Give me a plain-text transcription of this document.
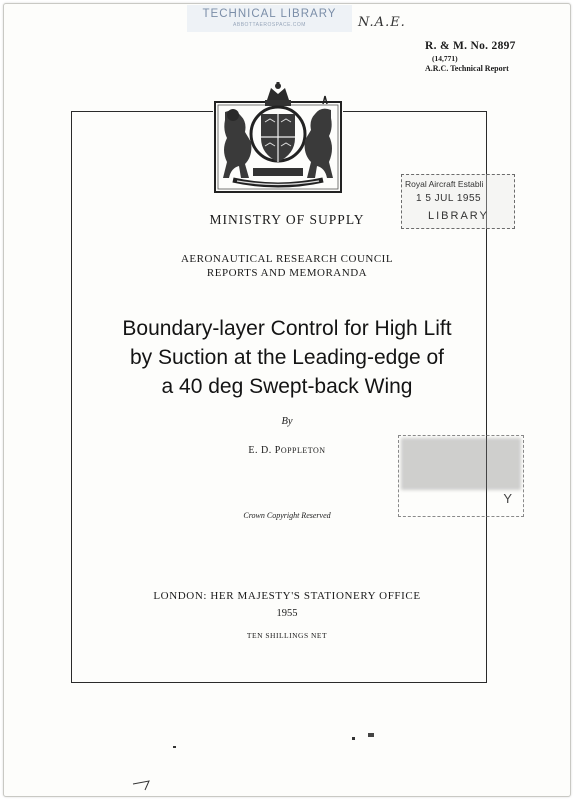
TECHNICAL LIBRARY
ABBOTTAEROSPACE.COM	N.A.E.
R. & M. No. 2897
(14,771)
A.R.C. Technical Report
MINISTRY OF SUPPLY
AERONAUTICAL RESEARCH COUNCIL
REPORTS AND MEMORANDA
Boundary-layer Control for High Lift
by Suction at the Leading-edge of
a 40 deg Swept-back Wing
By
E. D. POPPLETON
Crown Copyright Reserved
LONDON: HER MAJESTY'S STATIONERY OFFICE
1955
TEN SHILLINGS NET
Royal Aircraft Establi
1 5 JUL 1955
LIBRARY
Y
